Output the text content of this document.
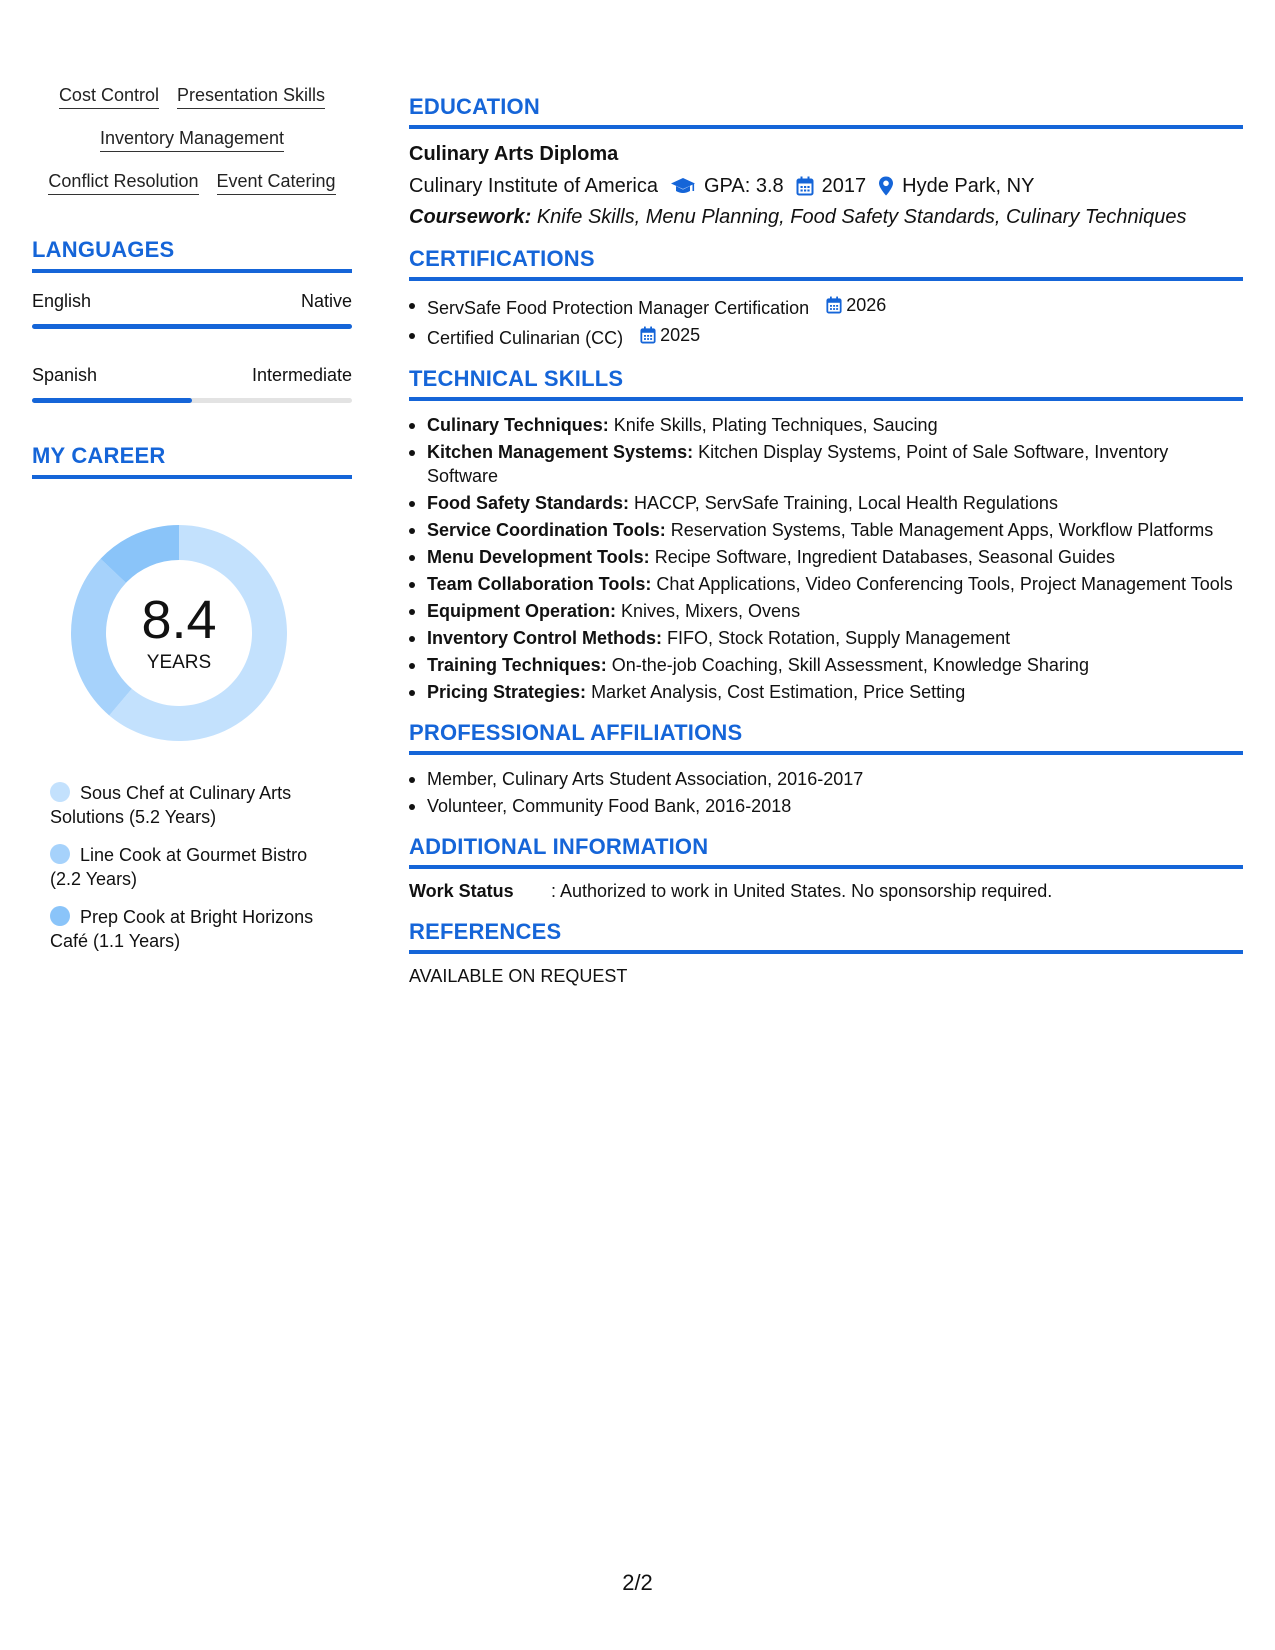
Cost Control Presentation Skills
Inventory Management
Conflict Resolution Event Catering
LANGUAGES
English	Native
Spanish	Intermediate
MY CAREER
8.4
YEARS
Sous Chef at Culinary Arts Solutions (5.2 Years)
Line Cook at Gourmet Bistro (2.2 Years)
Prep Cook at Bright Horizons Café (1.1 Years)
EDUCATION
Culinary Arts Diploma
Culinary Institute of America GPA: 3.8 2017 Hyde Park, NY
Coursework: Knife Skills, Menu Planning, Food Safety Standards, Culinary Techniques
CERTIFICATIONS
ServSafe Food Protection Manager Certification 2026
Certified Culinarian (CC) 2025
TECHNICAL SKILLS
Culinary Techniques: Knife Skills, Plating Techniques, Saucing
Kitchen Management Systems: Kitchen Display Systems, Point of Sale Software, Inventory Software
Food Safety Standards: HACCP, ServSafe Training, Local Health Regulations
Service Coordination Tools: Reservation Systems, Table Management Apps, Workflow Platforms
Menu Development Tools: Recipe Software, Ingredient Databases, Seasonal Guides
Team Collaboration Tools: Chat Applications, Video Conferencing Tools, Project Management Tools
Equipment Operation: Knives, Mixers, Ovens
Inventory Control Methods: FIFO, Stock Rotation, Supply Management
Training Techniques: On-the-job Coaching, Skill Assessment, Knowledge Sharing
Pricing Strategies: Market Analysis, Cost Estimation, Price Setting
PROFESSIONAL AFFILIATIONS
Member, Culinary Arts Student Association, 2016-2017
Volunteer, Community Food Bank, 2016-2018
ADDITIONAL INFORMATION
Work Status	: Authorized to work in United States. No sponsorship required.
REFERENCES
AVAILABLE ON REQUEST
2/2
